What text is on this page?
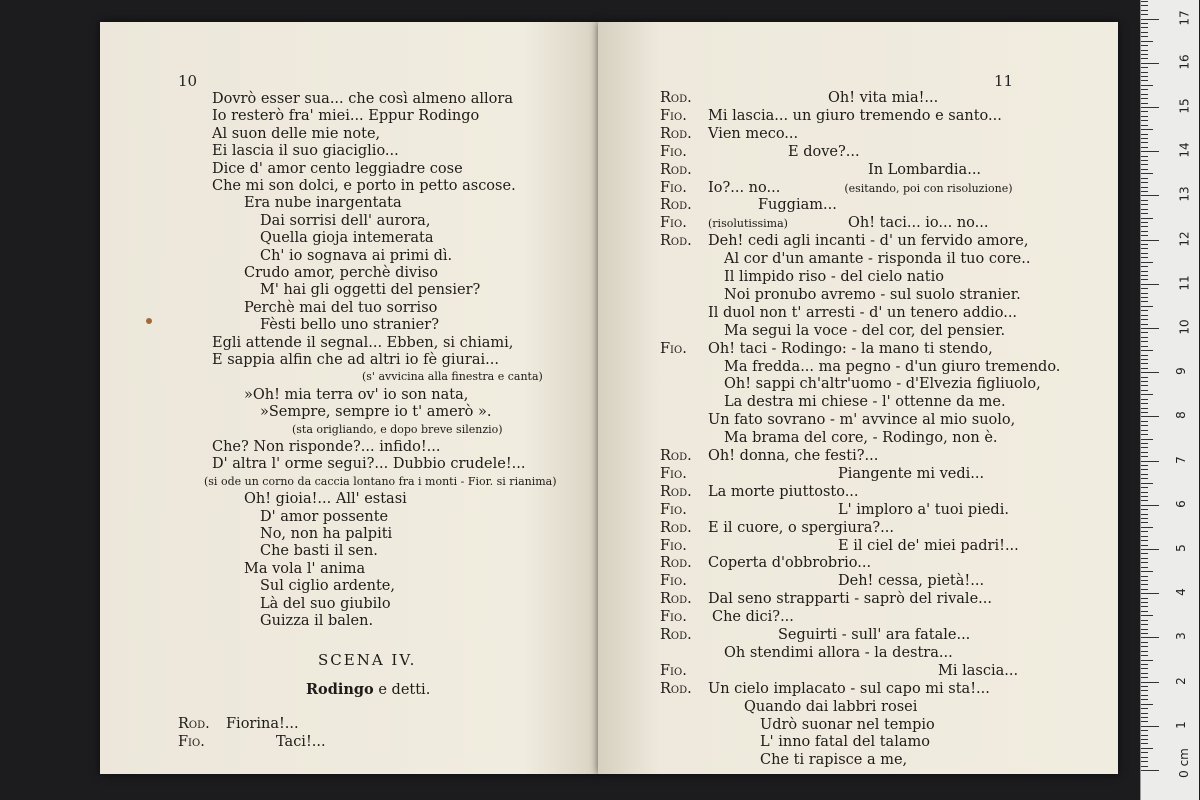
10
Dovrò esser sua... che così almeno allora
Io resterò fra' miei... Eppur Rodingo
Al suon delle mie note,
Ei lascia il suo giaciglio...
Dice d' amor cento leggiadre cose
Che mi son dolci, e porto in petto ascose.
Era nube inargentata
Dai sorrisi dell' aurora,
Quella gioja intemerata
Ch' io sognava ai primi dì.
Crudo amor, perchè diviso
M' hai gli oggetti del pensier?
Perchè mai del tuo sorriso
Fèsti bello uno stranier?
Egli attende il segnal... Ebben, si chiami,
E sappia alfin che ad altri io fè giurai...
(s' avvicina alla finestra e canta)
»Oh! mia terra ov' io son nata,
»Sempre, sempre io t' amerò ».
(sta origliando, e dopo breve silenzio)
Che? Non risponde?... infido!...
D' altra l' orme segui?... Dubbio crudele!...
(si ode un corno da caccia lontano fra i monti - Fior. si rianima)
Oh! gioia!... All' estasi
D' amor possente
No, non ha palpiti
Che basti il sen.
Ma vola l' anima
Sul ciglio ardente,
Là del suo giubilo
Guizza il balen.
SCENA IV.
Rodingo e detti.
Rod. Fiorina!...
Fio.	Taci!...
11
Rod.	Oh! vita mia!...
Fio. Mi lascia... un giuro tremendo e santo...
Rod. Vien meco...
Fio.	E dove?...
Rod.	In Lombardia...
Fio. Io?... no...	(esitando, poi con risoluzione)
Rod.	Fuggiam...
Fio. (risolutissima)	Oh! taci... io... no...
Rod. Deh! cedi agli incanti - d' un fervido amore,
Al cor d'un amante - risponda il tuo core..
Il limpido riso - del cielo natio
Noi pronubo avremo - sul suolo stranier.
Il duol non t' arresti - d' un tenero addio...
Ma segui la voce - del cor, del pensier.
Fio. Oh! taci - Rodingo: - la mano ti stendo,
Ma fredda... ma pegno - d'un giuro tremendo.
Oh! sappi ch'altr'uomo - d'Elvezia figliuolo,
La destra mi chiese - l' ottenne da me.
Un fato sovrano - m' avvince al mio suolo,
Ma brama del core, - Rodingo, non è.
Rod. Oh! donna, che festi?...
Fio.	Piangente mi vedi...
Rod. La morte piuttosto...
Fio.	L' imploro a' tuoi piedi.
Rod. E il cuore, o spergiura?...
Fio.	E il ciel de' miei padri!...
Rod. Coperta d'obbrobrio...
Fio.	Deh! cessa, pietà!...
Rod. Dal seno strapparti - saprò del rivale...
Fio. Che dici?...
Rod.	Seguirti - sull' ara fatale...
Oh stendimi allora - la destra...
Fio.	Mi lascia...
Rod. Un cielo implacato - sul capo mi sta!...
Quando dai labbri rosei
Udrò suonar nel tempio
L' inno fatal del talamo
Che ti rapisce a me,
1
2
3
4
5
6
7
8
9
10
11
12
13
14
15
16
17
0 cm
